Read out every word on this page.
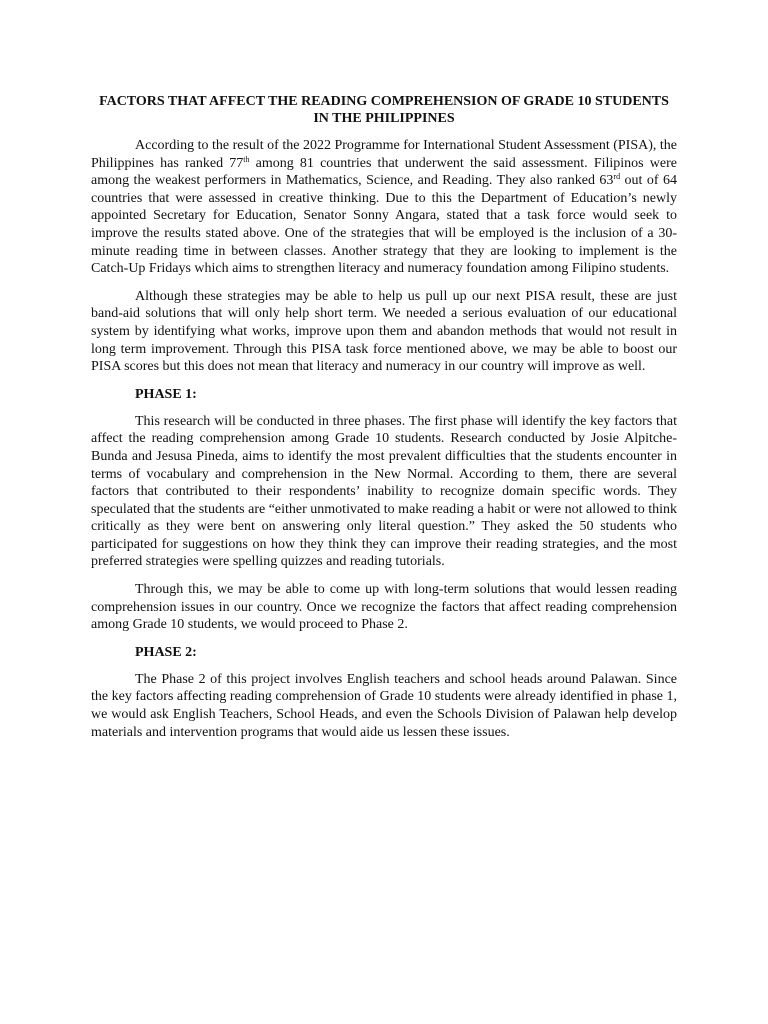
FACTORS THAT AFFECT THE READING COMPREHENSION OF GRADE 10 STUDENTS IN THE PHILIPPINES

According to the result of the 2022 Programme for International Student Assessment (PISA), the Philippines has ranked 77th among 81 countries that underwent the said assessment. Filipinos were among the weakest performers in Mathematics, Science, and Reading. They also ranked 63rd out of 64 countries that were assessed in creative thinking. Due to this the Department of Education’s newly appointed Secretary for Education, Senator Sonny Angara, stated that a task force would seek to improve the results stated above. One of the strategies that will be employed is the inclusion of a 30-minute reading time in between classes. Another strategy that they are looking to implement is the Catch-Up Fridays which aims to strengthen literacy and numeracy foundation among Filipino students.

Although these strategies may be able to help us pull up our next PISA result, these are just band-aid solutions that will only help short term. We needed a serious evaluation of our educational system by identifying what works, improve upon them and abandon methods that would not result in long term improvement. Through this PISA task force mentioned above, we may be able to boost our PISA scores but this does not mean that literacy and numeracy in our country will improve as well.

PHASE 1:

This research will be conducted in three phases. The first phase will identify the key factors that affect the reading comprehension among Grade 10 students. Research conducted by Josie Alpitche-Bunda and Jesusa Pineda, aims to identify the most prevalent difficulties that the students encounter in terms of vocabulary and comprehension in the New Normal. According to them, there are several factors that contributed to their respondents’ inability to recognize domain specific words. They speculated that the students are “either unmotivated to make reading a habit or were not allowed to think critically as they were bent on answering only literal question.” They asked the 50 students who participated for suggestions on how they think they can improve their reading strategies, and the most preferred strategies were spelling quizzes and reading tutorials.

Through this, we may be able to come up with long-term solutions that would lessen reading comprehension issues in our country. Once we recognize the factors that affect reading comprehension among Grade 10 students, we would proceed to Phase 2.

PHASE 2:

The Phase 2 of this project involves English teachers and school heads around Palawan. Since the key factors affecting reading comprehension of Grade 10 students were already identified in phase 1, we would ask English Teachers, School Heads, and even the Schools Division of Palawan help develop materials and intervention programs that would aide us lessen these issues.
